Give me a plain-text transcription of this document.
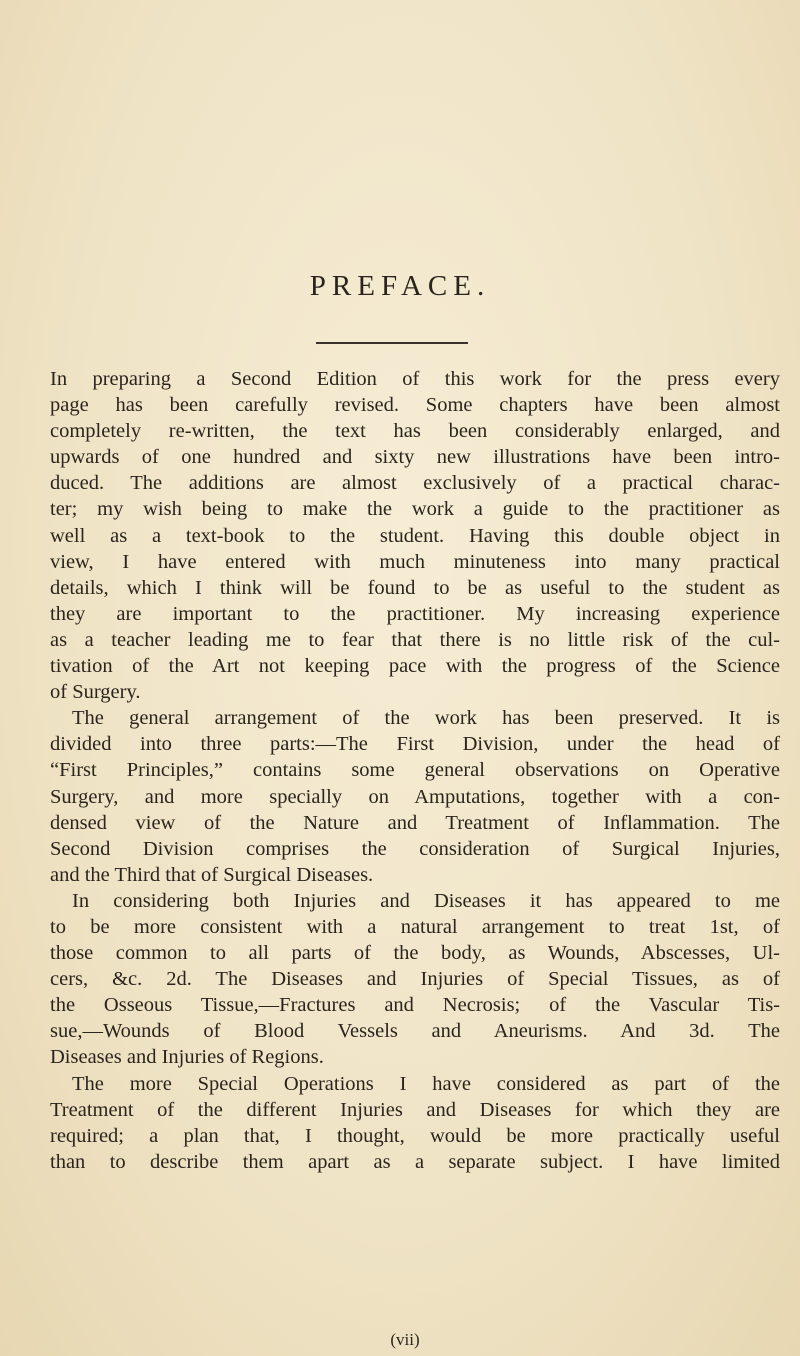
PREFACE.
In preparing a Second Edition of this work for the press every
page has been carefully revised. Some chapters have been almost
completely re-written, the text has been considerably enlarged, and
upwards of one hundred and sixty new illustrations have been intro-
duced. The additions are almost exclusively of a practical charac-
ter; my wish being to make the work a guide to the practitioner as
well as a text-book to the student. Having this double object in
view, I have entered with much minuteness into many practical
details, which I think will be found to be as useful to the student as
they are important to the practitioner. My increasing experience
as a teacher leading me to fear that there is no little risk of the cul-
tivation of the Art not keeping pace with the progress of the Science
of Surgery.
The general arrangement of the work has been preserved. It is
divided into three parts:—The First Division, under the head of
“First Principles,” contains some general observations on Operative
Surgery, and more specially on Amputations, together with a con-
densed view of the Nature and Treatment of Inflammation. The
Second Division comprises the consideration of Surgical Injuries,
and the Third that of Surgical Diseases.
In considering both Injuries and Diseases it has appeared to me
to be more consistent with a natural arrangement to treat 1st, of
those common to all parts of the body, as Wounds, Abscesses, Ul-
cers, &c. 2d. The Diseases and Injuries of Special Tissues, as of
the Osseous Tissue,—Fractures and Necrosis; of the Vascular Tis-
sue,—Wounds of Blood Vessels and Aneurisms. And 3d. The
Diseases and Injuries of Regions.
The more Special Operations I have considered as part of the
Treatment of the different Injuries and Diseases for which they are
required; a plan that, I thought, would be more practically useful
than to describe them apart as a separate subject. I have limited
(vii)
